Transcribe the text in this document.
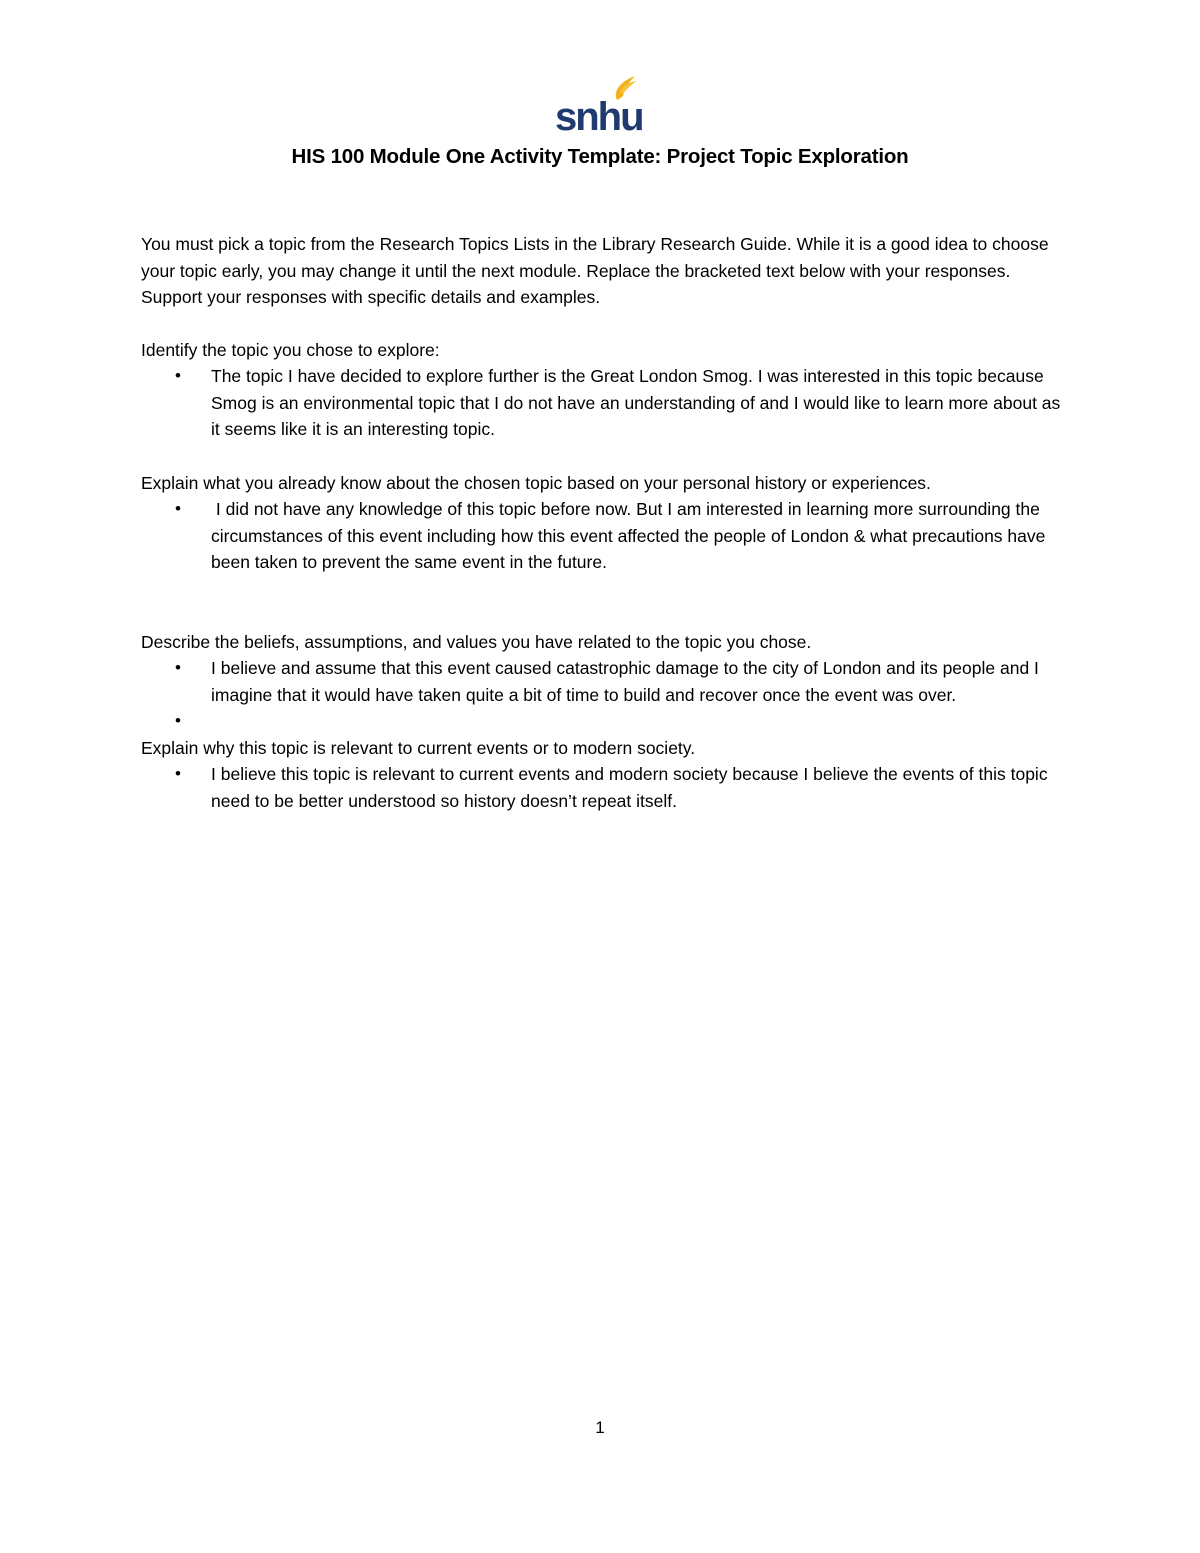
snhu
HIS 100 Module One Activity Template: Project Topic Exploration

You must pick a topic from the Research Topics Lists in the Library Research Guide. While it is a good idea to choose your topic early, you may change it until the next module. Replace the bracketed text below with your responses. Support your responses with specific details and examples.

Identify the topic you chose to explore:

• The topic I have decided to explore further is the Great London Smog. I was interested in this topic because Smog is an environmental topic that I do not have an understanding of and I would like to learn more about as it seems like it is an interesting topic.

Explain what you already know about the chosen topic based on your personal history or experiences.

• I did not have any knowledge of this topic before now. But I am interested in learning more surrounding the circumstances of this event including how this event affected the people of London & what precautions have been taken to prevent the same event in the future.

Describe the beliefs, assumptions, and values you have related to the topic you chose.

• I believe and assume that this event caused catastrophic damage to the city of London and its people and I imagine that it would have taken quite a bit of time to build and recover once the event was over.
•

Explain why this topic is relevant to current events or to modern society.

• I believe this topic is relevant to current events and modern society because I believe the events of this topic need to be better understood so history doesn’t repeat itself.
1
